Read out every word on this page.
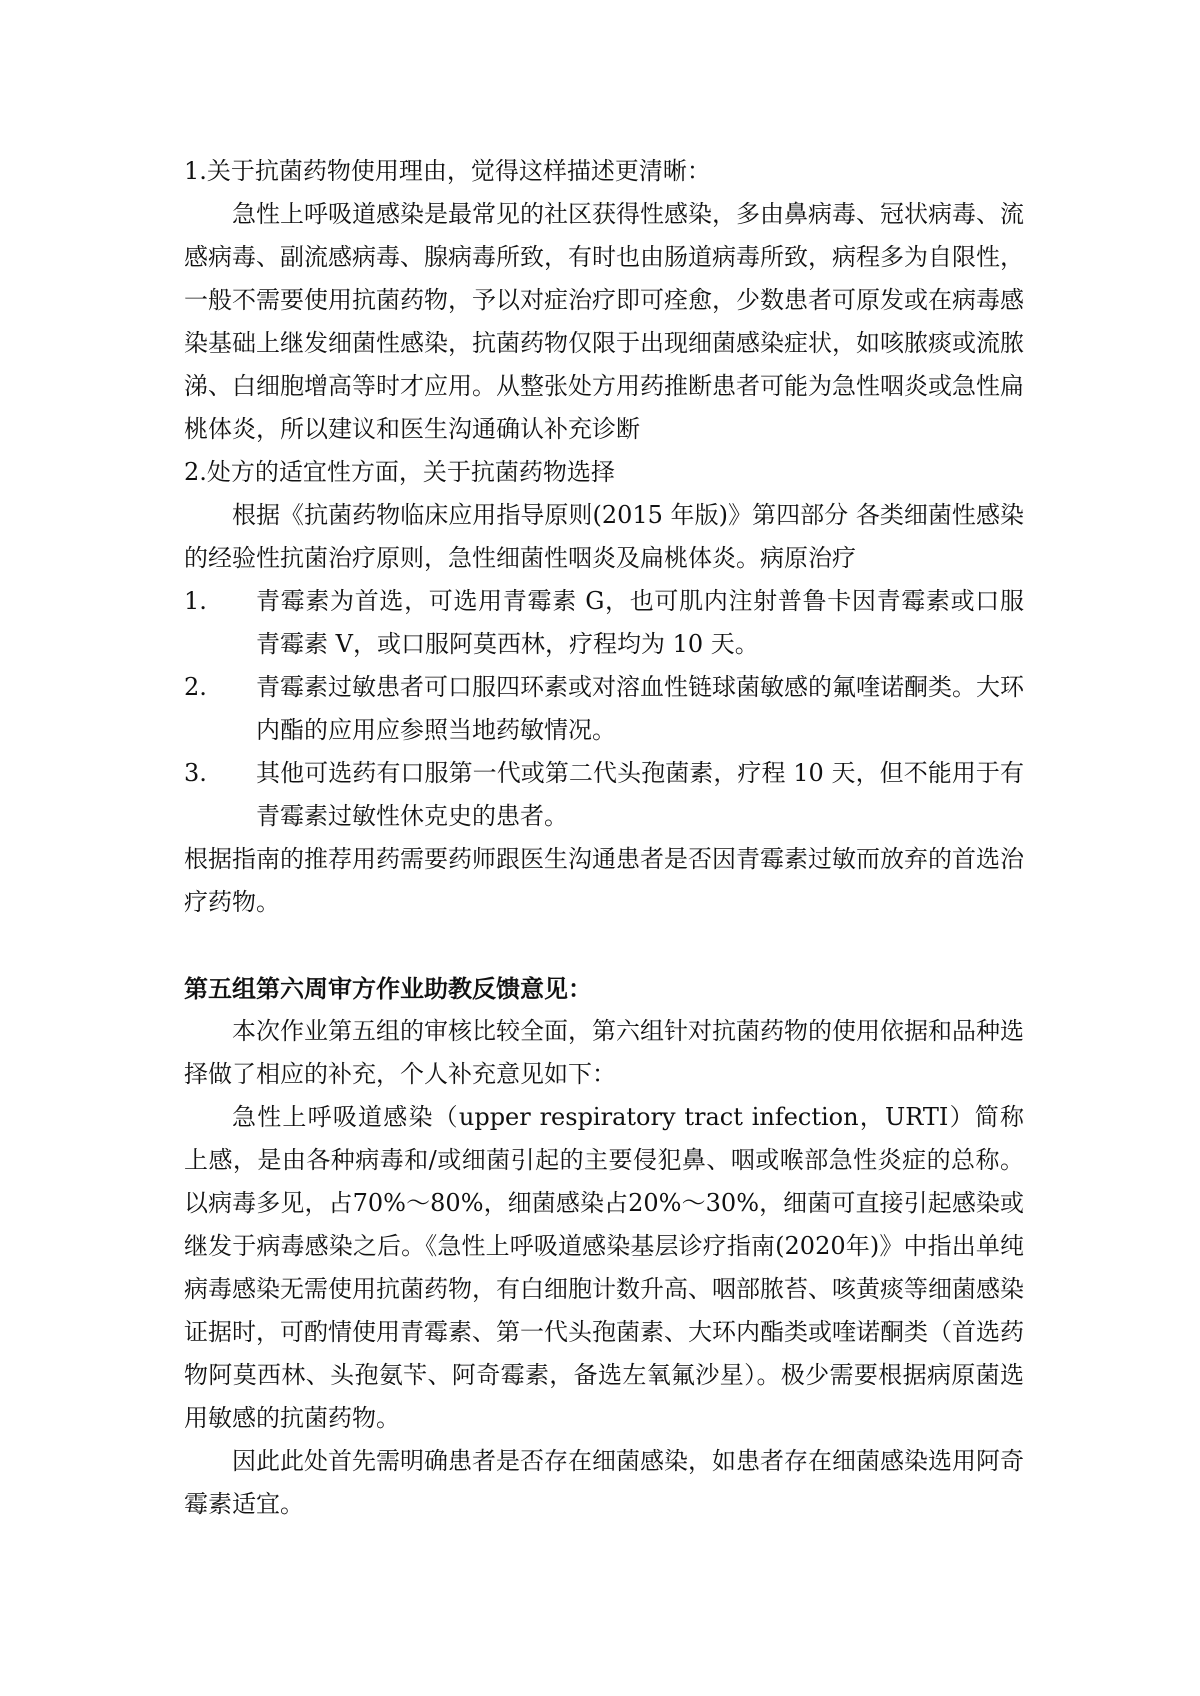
1.关于抗菌药物使用理由，觉得这样描述更清晰：

急性上呼吸道感染是最常见的社区获得性感染，多由鼻病毒、冠状病毒、流感病毒、副流感病毒、腺病毒所致，有时也由肠道病毒所致，病程多为自限性，一般不需要使用抗菌药物，予以对症治疗即可痊愈，少数患者可原发或在病毒感染基础上继发细菌性感染，抗菌药物仅限于出现细菌感染症状，如咳脓痰或流脓涕、白细胞增高等时才应用。从整张处方用药推断患者可能为急性咽炎或急性扁桃体炎，所以建议和医生沟通确认补充诊断

2.处方的适宜性方面，关于抗菌药物选择

根据《抗菌药物临床应用指导原则(2015 年版)》第四部分 各类细菌性感染的经验性抗菌治疗原则，急性细菌性咽炎及扁桃体炎。病原治疗

1.	青霉素为首选，可选用青霉素 G，也可肌内注射普鲁卡因青霉素或口服青霉素 V，或口服阿莫西林，疗程均为 10 天。
2.	青霉素过敏患者可口服四环素或对溶血性链球菌敏感的氟喹诺酮类。大环内酯的应用应参照当地药敏情况。
3.	其他可选药有口服第一代或第二代头孢菌素，疗程 10 天，但不能用于有青霉素过敏性休克史的患者。

根据指南的推荐用药需要药师跟医生沟通患者是否因青霉素过敏而放弃的首选治疗药物。

第五组第六周审方作业助教反馈意见：

本次作业第五组的审核比较全面，第六组针对抗菌药物的使用依据和品种选择做了相应的补充，个人补充意见如下：

急性上呼吸道感染（upper respiratory tract infection，URTI）简称上感，是由各种病毒和/或细菌引起的主要侵犯鼻、咽或喉部急性炎症的总称。以病毒多见，占70%～80%，细菌感染占20%～30%，细菌可直接引起感染或继发于病毒感染之后。《急性上呼吸道感染基层诊疗指南(2020年)》中指出单纯病毒感染无需使用抗菌药物，有白细胞计数升高、咽部脓苔、咳黄痰等细菌感染证据时，可酌情使用青霉素、第一代头孢菌素、大环内酯类或喹诺酮类（首选药物阿莫西林、头孢氨苄、阿奇霉素，备选左氧氟沙星）。极少需要根据病原菌选用敏感的抗菌药物。

因此此处首先需明确患者是否存在细菌感染，如患者存在细菌感染选用阿奇霉素适宜。
